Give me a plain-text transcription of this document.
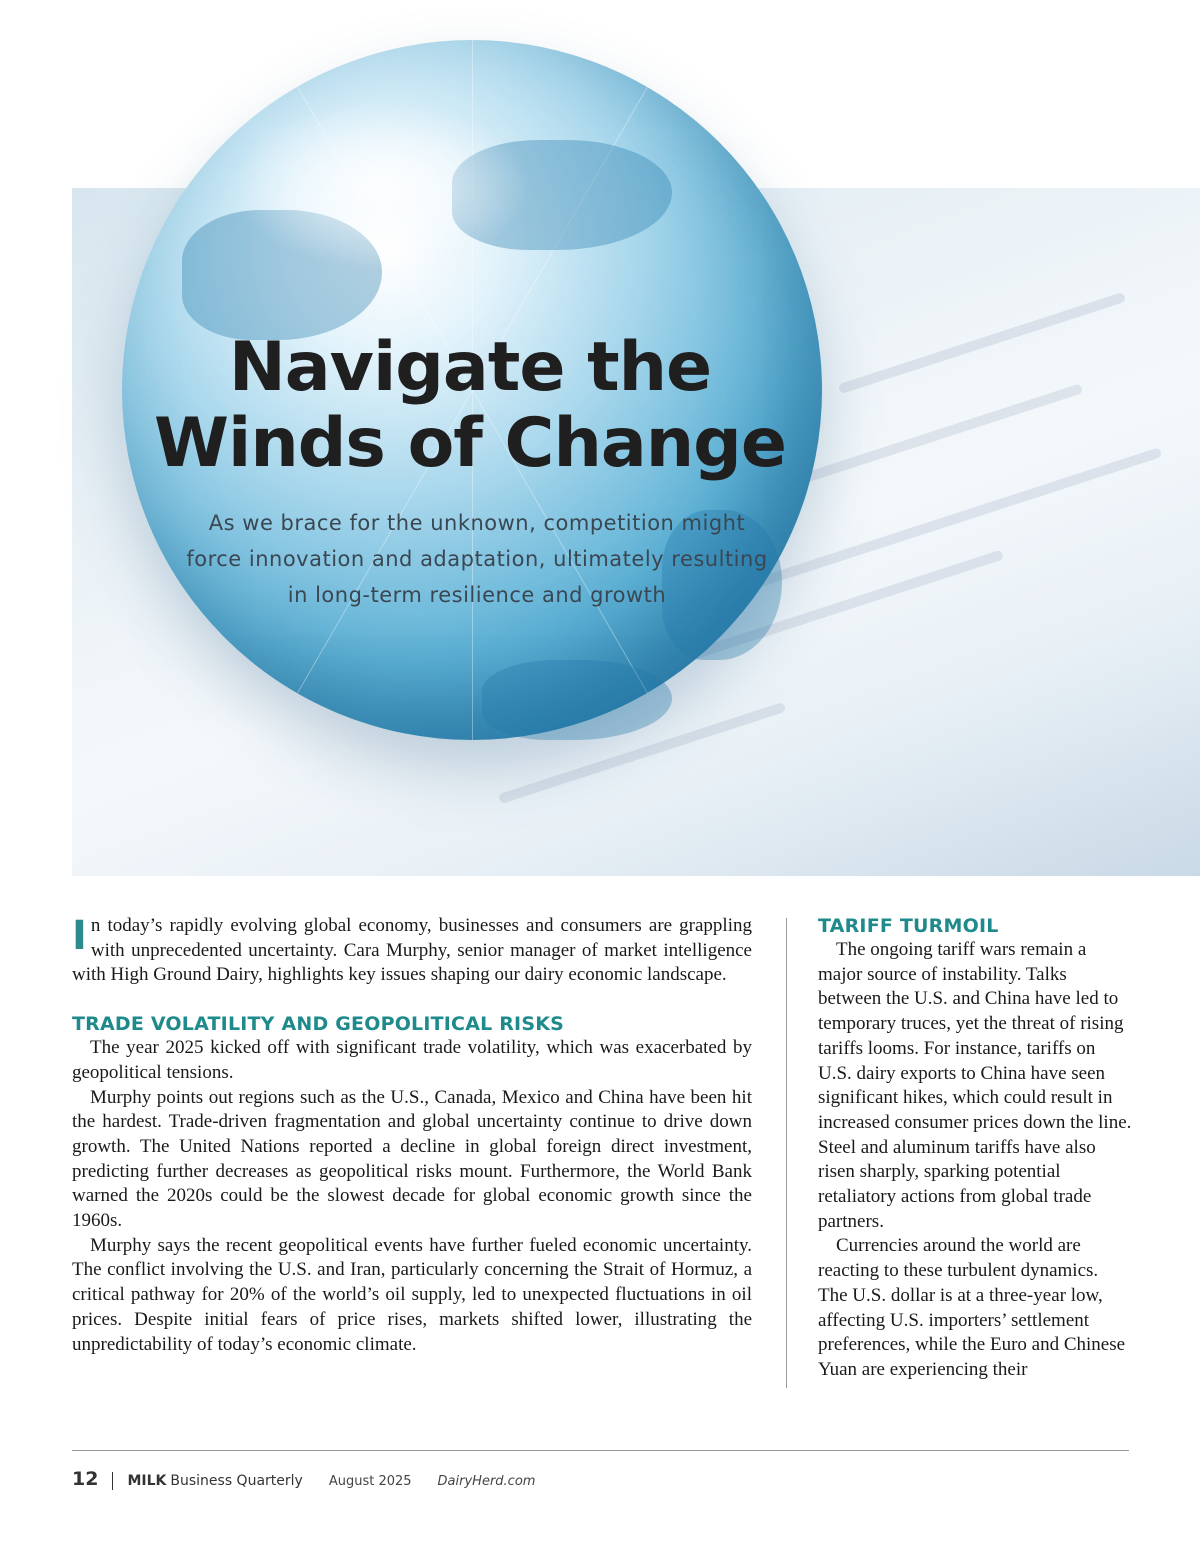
Navigate the
Winds of Change

As we brace for the unknown, competition might force innovation and adaptation, ultimately resulting in long-term resilience and growth

In today’s rapidly evolving global economy, businesses and consumers are grappling with unprecedented uncertainty. Cara Murphy, senior manager of market intelligence with High Ground Dairy, highlights key issues shaping our dairy economic landscape.

TRADE VOLATILITY AND GEOPOLITICAL RISKS

The year 2025 kicked off with significant trade volatility, which was exacerbated by geopolitical tensions.

Murphy points out regions such as the U.S., Canada, Mexico and China have been hit the hardest. Trade-driven fragmentation and global uncertainty continue to drive down growth. The United Nations reported a decline in global foreign direct investment, predicting further decreases as geopolitical risks mount. Furthermore, the World Bank warned the 2020s could be the slowest decade for global economic growth since the 1960s.

Murphy says the recent geopolitical events have further fueled economic uncertainty. The conflict involving the U.S. and Iran, particularly concerning the Strait of Hormuz, a critical pathway for 20% of the world’s oil supply, led to unexpected fluctuations in oil prices. Despite initial fears of price rises, markets shifted lower, illustrating the unpredictability of today’s economic climate.

TARIFF TURMOIL

The ongoing tariff wars remain a major source of instability. Talks between the U.S. and China have led to temporary truces, yet the threat of rising tariffs looms. For instance, tariffs on U.S. dairy exports to China have seen significant hikes, which could result in increased consumer prices down the line. Steel and aluminum tariffs have also risen sharply, sparking potential retaliatory actions from global trade partners.

Currencies around the world are reacting to these turbulent dynamics. The U.S. dollar is at a three-year low, affecting U.S. importers’ settlement preferences, while the Euro and Chinese Yuan are experiencing their

12 MILK Business Quarterly August 2025 DairyHerd.com
